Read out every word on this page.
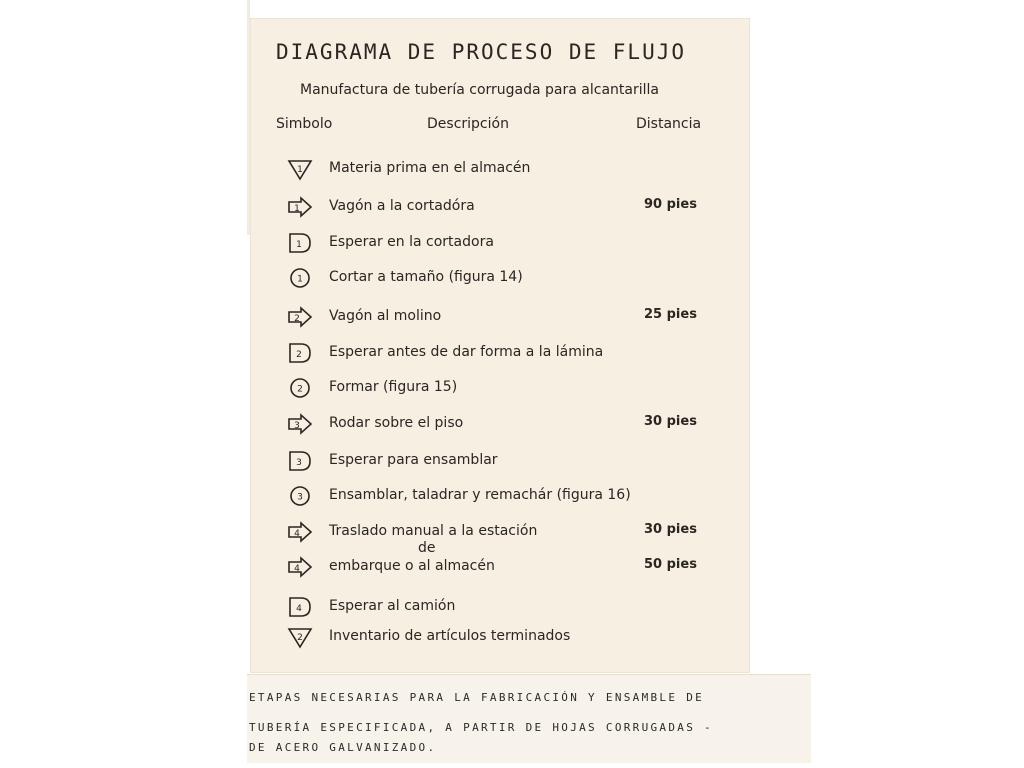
DIAGRAMA DE PROCESO DE FLUJO
Manufactura de tubería corrugada para alcantarilla
Simbolo	Descripción	Distancia
1 Materia prima en el almacén
1 Vagón a la cortadóra	90 pies
1 Esperar en la cortadora
1 Cortar a tamaño (figura 14)
2 Vagón al molino	25 pies
2 Esperar antes de dar forma a la lámina
2 Formar (figura 15)
3 Rodar sobre el piso	30 pies
3 Esperar para ensamblar
3 Ensamblar, taladrar y remachár (figura 16)
4 Traslado manual a la estación	30 pies
de
4 embarque o al almacén	50 pies
4 Esperar al camión
2 Inventario de artículos terminados
ETAPAS NECESARIAS PARA LA FABRICACIÓN Y ENSAMBLE DE
TUBERÍA ESPECIFICADA, A PARTIR DE HOJAS CORRUGADAS -
DE ACERO GALVANIZADO.
